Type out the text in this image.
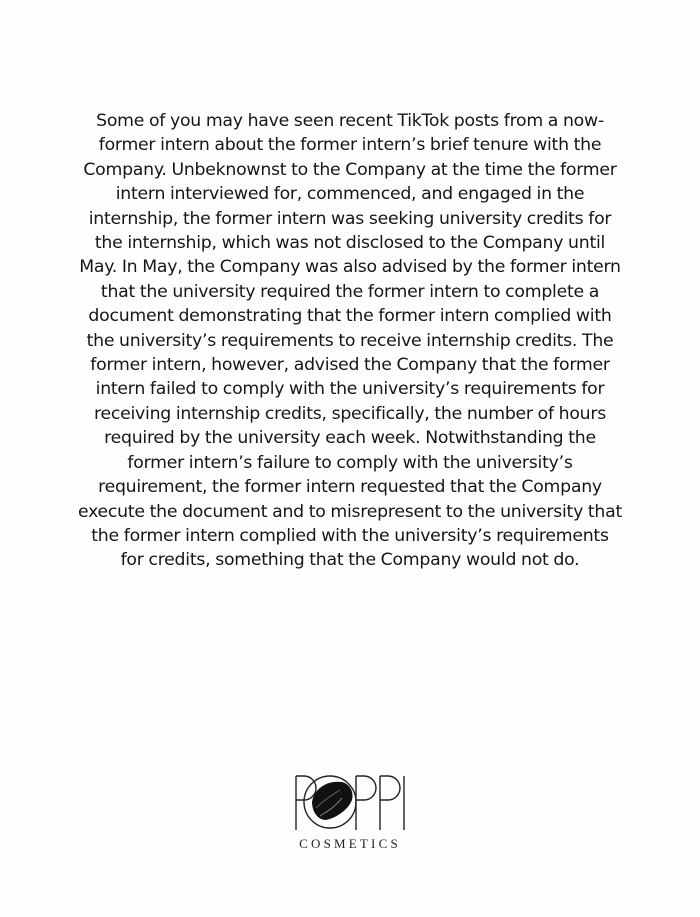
Some of you may have seen recent TikTok posts from a now-former intern about the former intern’s brief tenure with the Company. Unbeknownst to the Company at the time the former intern interviewed for, commenced, and engaged in the internship, the former intern was seeking university credits for the internship, which was not disclosed to the Company until May. In May, the Company was also advised by the former intern that the university required the former intern to complete a document demonstrating that the former intern complied with the university’s requirements to receive internship credits. The former intern, however, advised the Company that the former intern failed to comply with the university’s requirements for receiving internship credits, specifically, the number of hours required by the university each week. Notwithstanding the former intern’s failure to comply with the university’s requirement, the former intern requested that the Company execute the document and to misrepresent to the university that the former intern complied with the university’s requirements for credits, something that the Company would not do.

COSMETICS
